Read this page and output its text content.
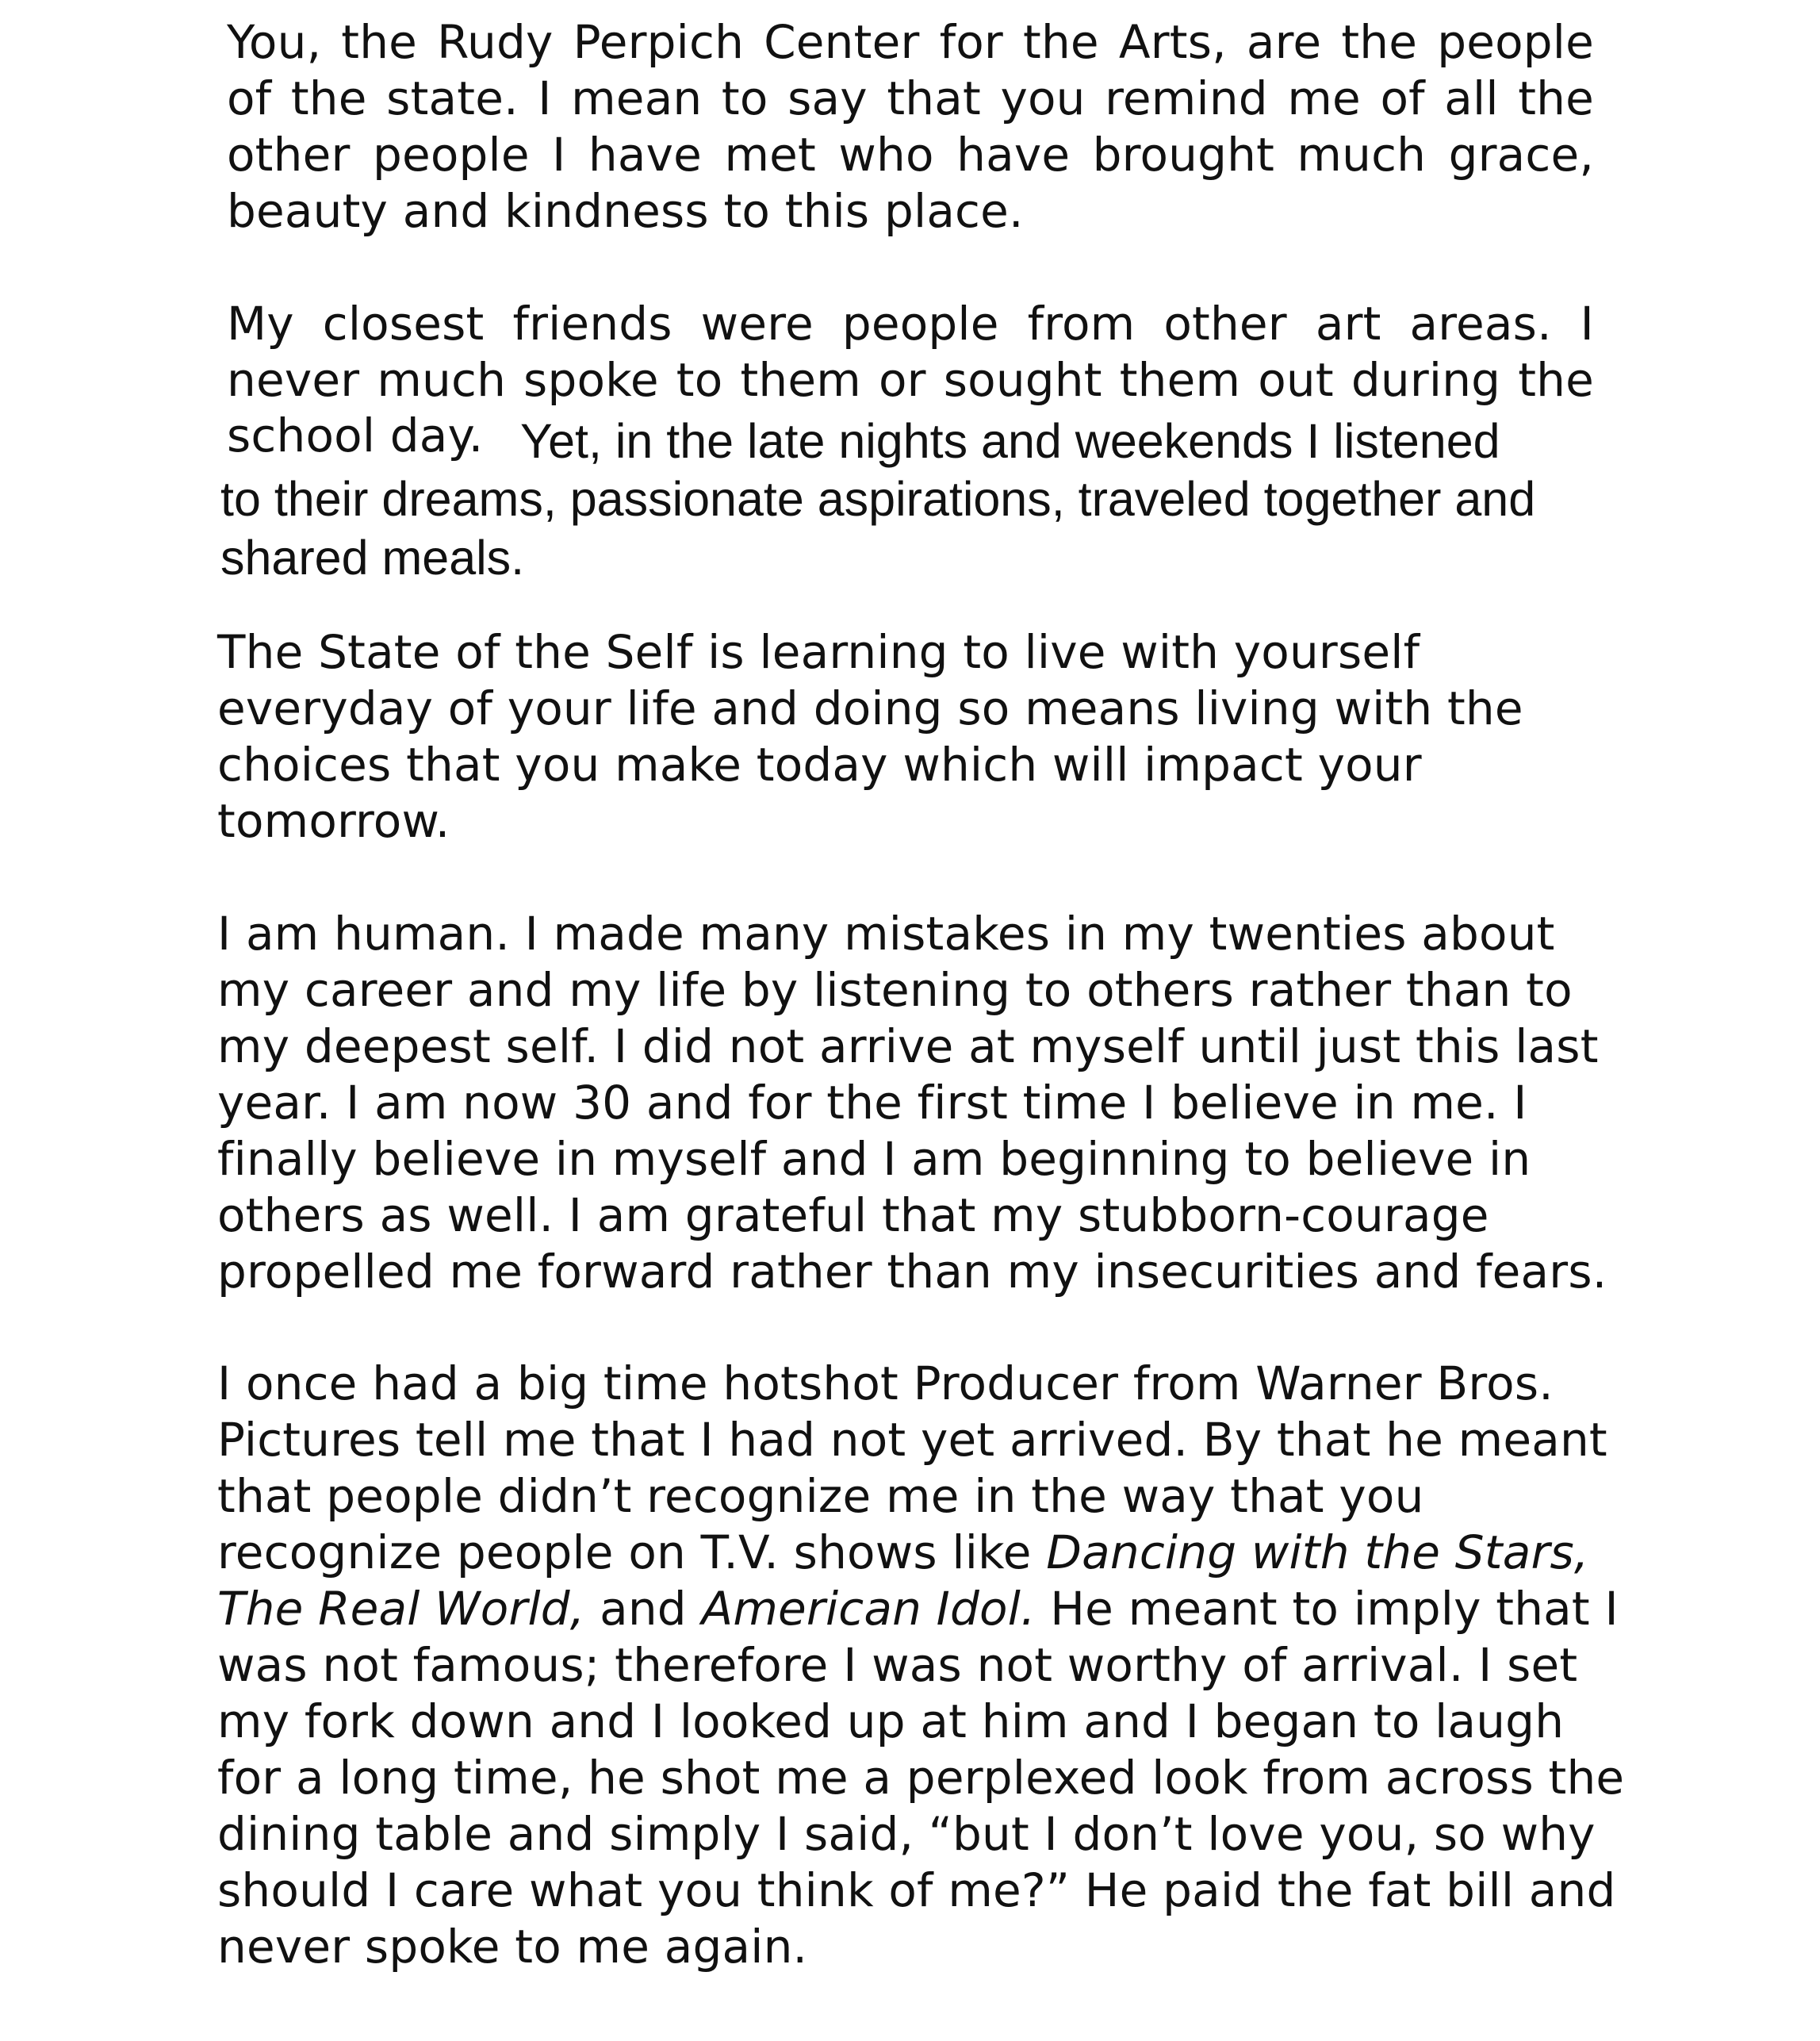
You, the Rudy Perpich Center for the Arts, are the people
of the state. I mean to say that you remind me of all the
other people I have met who have brought much grace,
beauty and kindness to this place.
My closest friends were people from other art areas. I
never much spoke to them or sought them out during the
school day. Yet, in the late nights and weekends I listened
to their dreams, passionate aspirations, traveled together and
shared meals.
The State of the Self is learning to live with yourself
everyday of your life and doing so means living with the
choices that you make today which will impact your
tomorrow.
I am human. I made many mistakes in my twenties about
my career and my life by listening to others rather than to
my deepest self. I did not arrive at myself until just this last
year. I am now 30 and for the first time I believe in me. I
finally believe in myself and I am beginning to believe in
others as well. I am grateful that my stubborn-courage
propelled me forward rather than my insecurities and fears.
I once had a big time hotshot Producer from Warner Bros.
Pictures tell me that I had not yet arrived. By that he meant
that people didn’t recognize me in the way that you
recognize people on T.V. shows like Dancing with the Stars,
The Real World, and American Idol. He meant to imply that I
was not famous; therefore I was not worthy of arrival. I set
my fork down and I looked up at him and I began to laugh
for a long time, he shot me a perplexed look from across the
dining table and simply I said, “but I don’t love you, so why
should I care what you think of me?” He paid the fat bill and
never spoke to me again.
